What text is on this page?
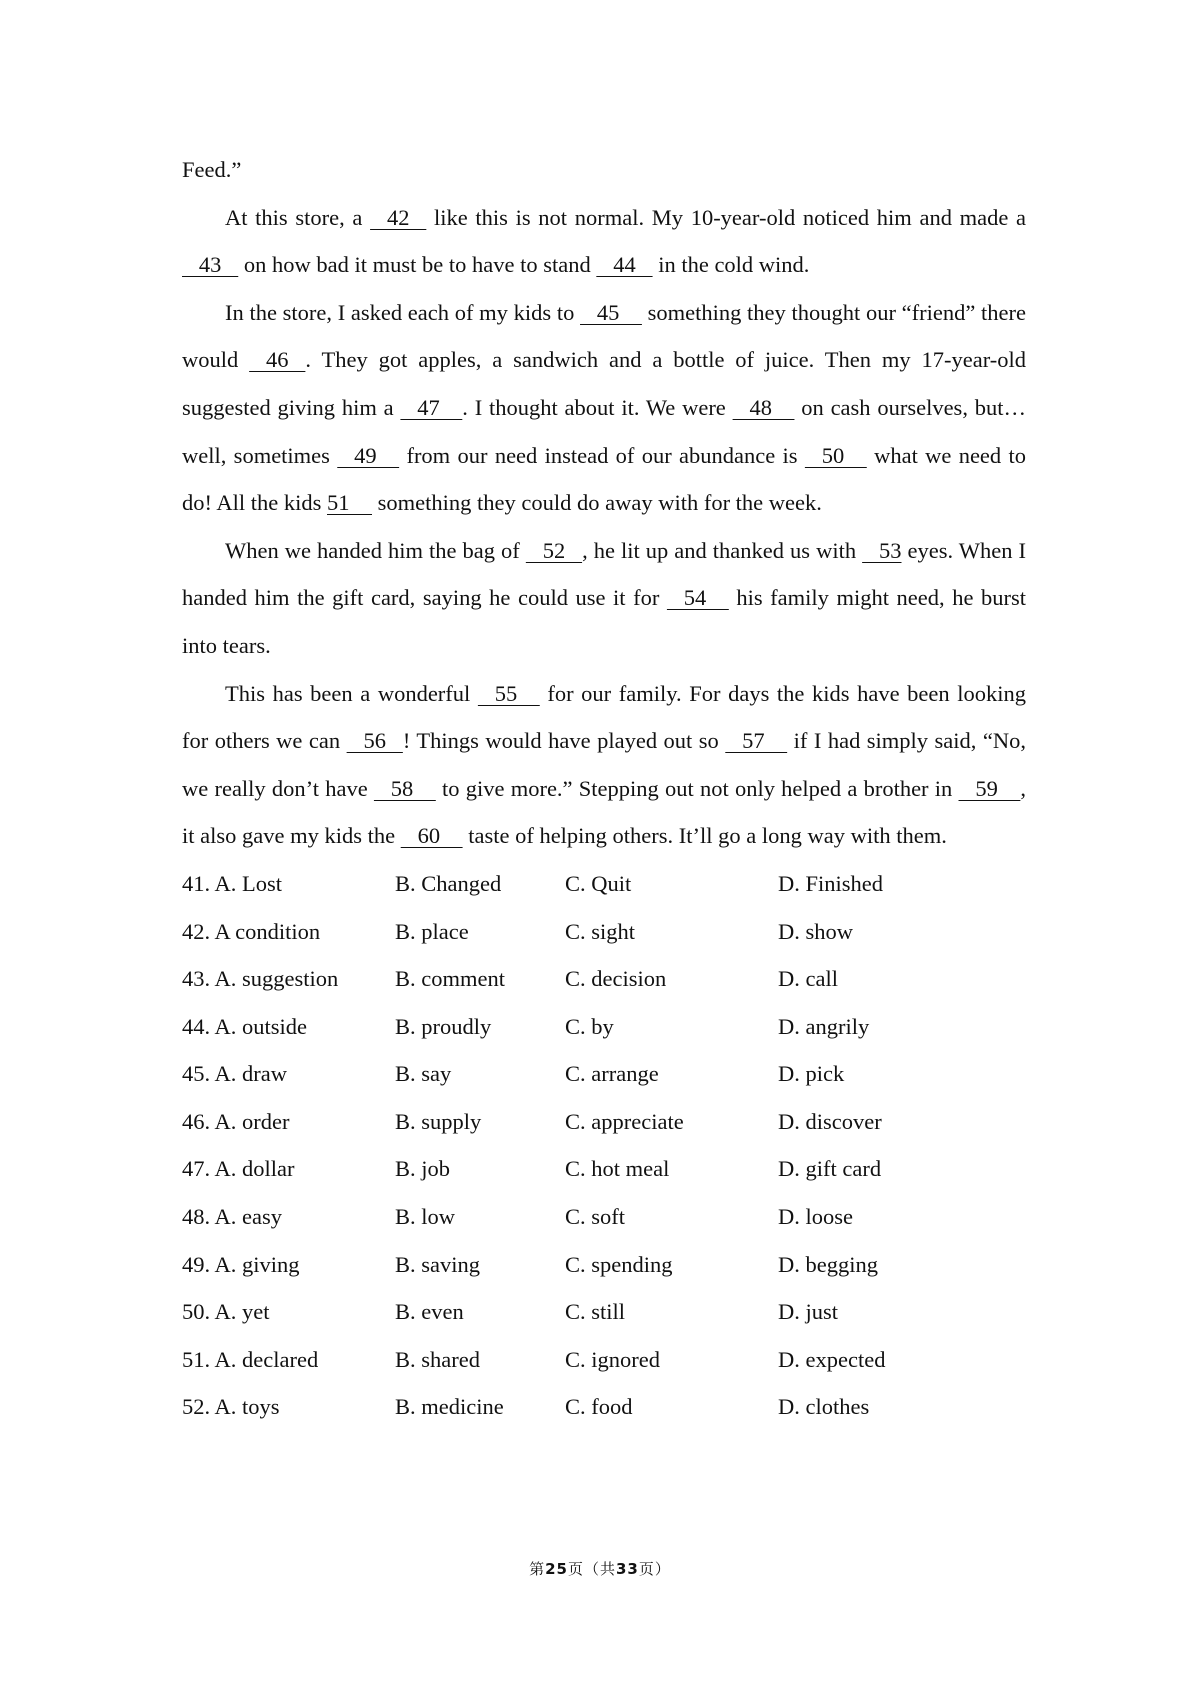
Feed.”

At this store, a    42    like this is not normal. My 10-year-old noticed him and made a    43    on how bad it must be to have to stand    44    in the cold wind.

In the store, I asked each of my kids to    45     something they thought our “friend” there would    46   . They got apples, a sandwich and a bottle of juice. Then my 17-year-old suggested giving him a    47    . I thought about it. We were    48     on cash ourselves, but… well, sometimes    49     from our need instead of our abundance is    50     what we need to do! All the kids 51     something they could do away with for the week.

When we handed him the bag of    52   , he lit up and thanked us with    53 eyes. When I handed him the gift card, saying he could use it for    54     his family might need, he burst into tears.

This has been a wonderful    55     for our family. For days the kids have been looking for others we can    56   ! Things would have played out so    57     if I had simply said, “No, we really don’t have    58     to give more.” Stepping out not only helped a brother in    59    , it also gave my kids the    60     taste of helping others. It’ll go a long way with them.

41. A. Lost	B. Changed	C. Quit	D. Finished
42. A condition	B. place	C. sight	D. show
43. A. suggestion	B. comment	C. decision	D. call
44. A. outside	B. proudly	C. by	D. angrily
45. A. draw	B. say	C. arrange	D. pick
46. A. order	B. supply	C. appreciate	D. discover
47. A. dollar	B. job	C. hot meal	D. gift card
48. A. easy	B. low	C. soft	D. loose
49. A. giving	B. saving	C. spending	D. begging
50. A. yet	B. even	C. still	D. just
51. A. declared	B. shared	C. ignored	D. expected
52. A. toys	B. medicine	C. food	D. clothes
第25页（共33页）
